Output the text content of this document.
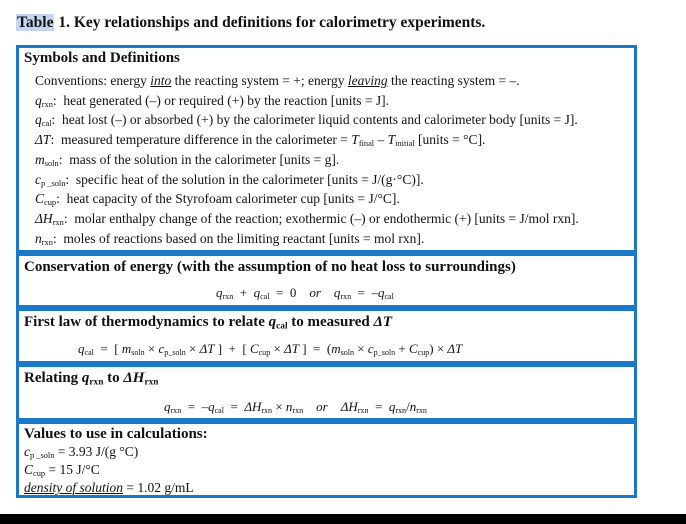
Table 1. Key relationships and definitions for calorimetry experiments.
Symbols and Definitions
Conventions: energy into the reacting system = +; energy leaving the reacting system = –.
$q_{rxn}$:  heat generated (–) or required (+) by the reaction [units = J].
$q_{cal}$:  heat lost (–) or absorbed (+) by the calorimeter liquid contents and calorimeter body [units = J].
ΔT:  measured temperature difference in the calorimeter = $T_{final} - T_{initial}$ [units = °C].
$m_{soln}$:  mass of the solution in the calorimeter [units = g].
$c_{p \_soln}$:  specific heat of the solution in the calorimeter [units = J/(g·°C)].
$C_{cup}$:  heat capacity of the Styrofoam calorimeter cup [units = J/°C].
$\Delta H_{rxn}$:  molar enthalpy change of the reaction; exothermic (–) or endothermic (+) [units = J/mol rxn].
$n_{rxn}$:  moles of reactions based on the limiting reactant [units = mol rxn].
Conservation of energy (with the assumption of no heat loss to surroundings)
$q_{rxn} + q_{cal} = 0$ or $q_{rxn} = -q_{cal}$
First law of thermodynamics to relate $q_{cal}$ to measured ΔT
$q_{cal}$  =  [ $m_{soln} \times c_{p\_soln} \times \Delta T$ ]  +  [ $C_{cup} \times \Delta T$ ]  =  $(m_{soln} \times c_{p\_soln} + C_{cup}) \times \Delta T$
Relating $q_{rxn}$ to $\Delta H_{rxn}$
$q_{rxn} = -q_{cal} = \Delta H_{rxn} \times n_{rxn}$ or $\Delta H_{rxn} = q_{rxn}/n_{rxn}$
Values to use in calculations:
$c_{p \_soln} = 3.93$ J/(g °C)
$C_{cup} = 15$ J/°C
density of solution = 1.02 g/mL
